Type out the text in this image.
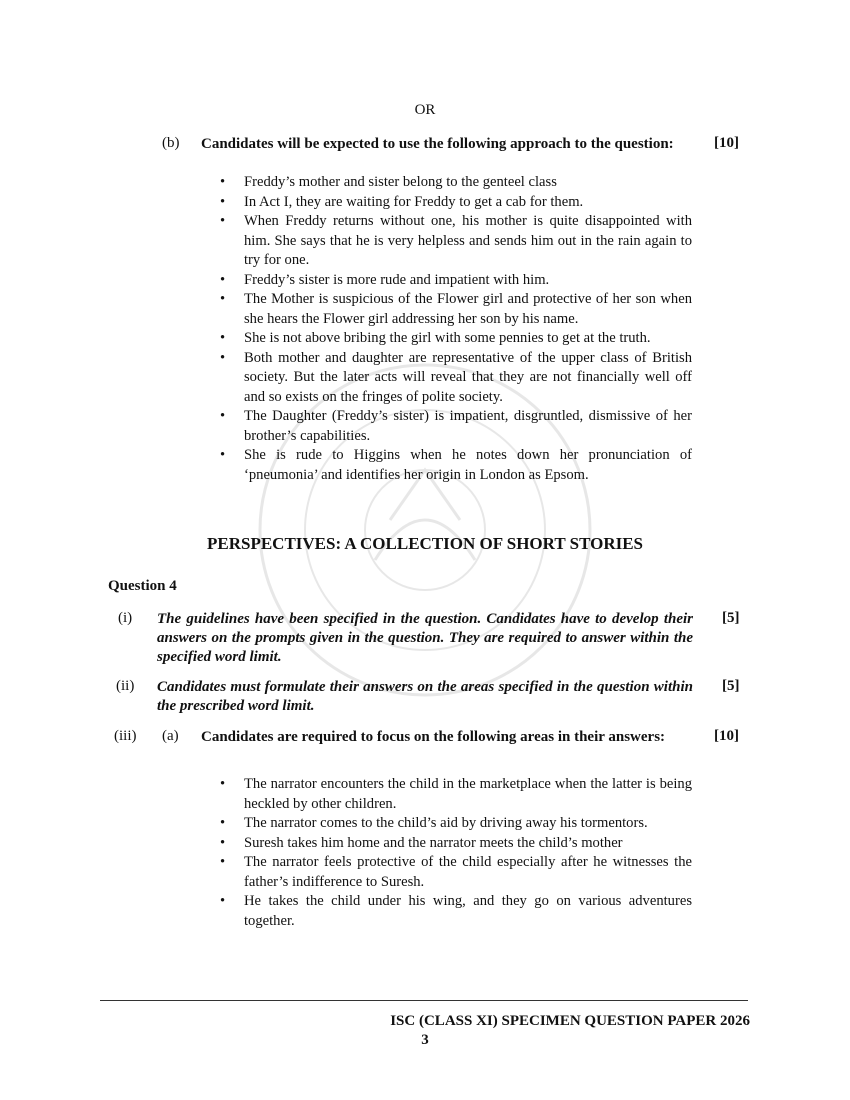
OR
(b) Candidates will be expected to use the following approach to the question:	[10]
•	Freddy’s mother and sister belong to the genteel class
•	In Act I, they are waiting for Freddy to get a cab for them.
•	When Freddy returns without one, his mother is quite disappointed with him. She says that he is very helpless and sends him out in the rain again to try for one.
•	Freddy’s sister is more rude and impatient with him.
•	The Mother is suspicious of the Flower girl and protective of her son when she hears the Flower girl addressing her son by his name.
•	She is not above bribing the girl with some pennies to get at the truth.
•	Both mother and daughter are representative of the upper class of British society. But the later acts will reveal that they are not financially well off and so exists on the fringes of polite society.
•	The Daughter (Freddy’s sister) is impatient, disgruntled, dismissive of her brother’s capabilities.
•	She is rude to Higgins when he notes down her pronunciation of ‘pneumonia’ and identifies her origin in London as Epsom.
PERSPECTIVES: A COLLECTION OF SHORT STORIES
Question 4
(i) The guidelines have been specified in the question. Candidates have to develop their answers on the prompts given in the question. They are required to answer within the specified word limit.
[5]
(ii) Candidates must formulate their answers on the areas specified in the question within the prescribed word limit.
[5]
(iii) (a) Candidates are required to focus on the following areas in their answers:	[10]
•	The narrator encounters the child in the marketplace when the latter is being heckled by other children.
•	The narrator comes to the child’s aid by driving away his tormentors.
•	Suresh takes him home and the narrator meets the child’s mother
•	The narrator feels protective of the child especially after he witnesses the father’s indifference to Suresh.
•	He takes the child under his wing, and they go on various adventures together.
ISC (CLASS XI) SPECIMEN QUESTION PAPER 2026
3
